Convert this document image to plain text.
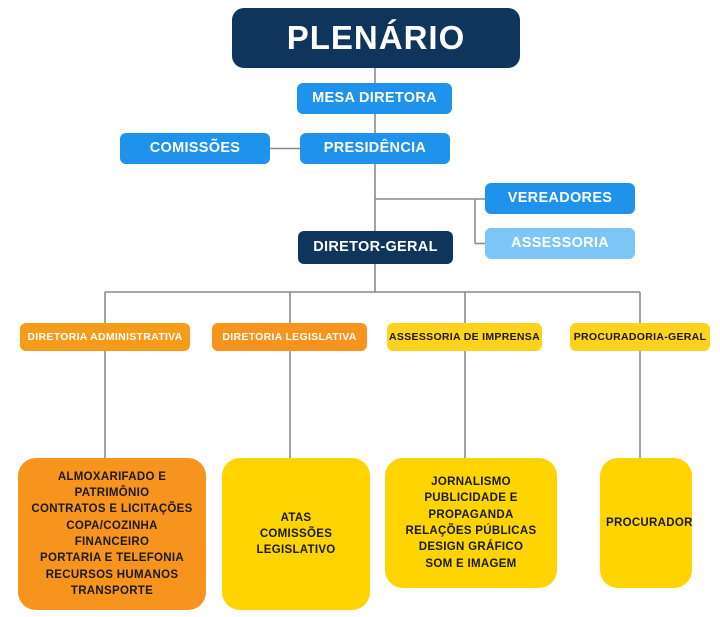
PLENÁRIO
MESA DIRETORA
COMISSÕES	PRESIDÊNCIA
VEREADORES
ASSESSORIA
DIRETOR-GERAL
DIRETORIA ADMINISTRATIVA	DIRETORIA LEGISLATIVA	ASSESSORIA DE IMPRENSA	PROCURADORIA-GERAL
ALMOXARIFADO E PATRIMÔNIO
CONTRATOS E LICITAÇÕES
COPA/COZINHA
FINANCEIRO
PORTARIA E TELEFONIA
RECURSOS HUMANOS
TRANSPORTE
ATAS
COMISSÕES
LEGISLATIVO
JORNALISMO
PUBLICIDADE E PROPAGANDA
RELAÇÕES PÚBLICAS
DESIGN GRÁFICO
SOM E IMAGEM
PROCURADOR
